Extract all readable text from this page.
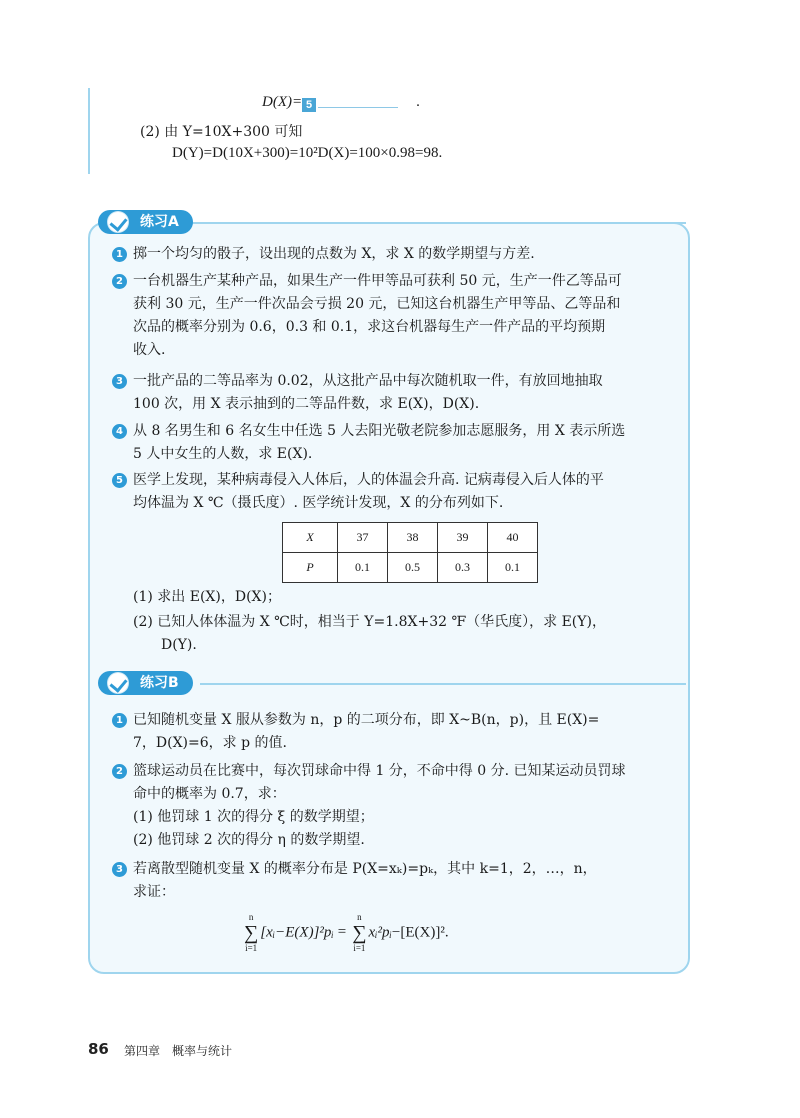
D(X)= 5	.
(2) 由 Y=10X+300 可知
D(Y)=D(10X+300)=10²D(X)=100×0.98=98.
练习A
1 掷一个均匀的骰子，设出现的点数为 X，求 X 的数学期望与方差.
2 一台机器生产某种产品，如果生产一件甲等品可获利 50 元，生产一件乙等品可
获利 30 元，生产一件次品会亏损 20 元，已知这台机器生产甲等品、乙等品和
次品的概率分别为 0.6，0.3 和 0.1，求这台机器每生产一件产品的平均预期
收入.
3 一批产品的二等品率为 0.02，从这批产品中每次随机取一件，有放回地抽取
100 次，用 X 表示抽到的二等品件数，求 E(X)，D(X).
4 从 8 名男生和 6 名女生中任选 5 人去阳光敬老院参加志愿服务，用 X 表示所选
5 人中女生的人数，求 E(X).
5 医学上发现，某种病毒侵入人体后，人的体温会升高. 记病毒侵入后人体的平
均体温为 X ℃（摄氏度）. 医学统计发现，X 的分布列如下.
X	37	38	39	40
P	0.1	0.5	0.3	0.1
(1) 求出 E(X)，D(X)；
(2) 已知人体体温为 X ℃时，相当于 Y=1.8X+32 ℉（华氏度），求 E(Y)，
D(Y).
练习B
1 已知随机变量 X 服从参数为 n，p 的二项分布，即 X~B(n，p)，且 E(X)=
7，D(X)=6，求 p 的值.
2 篮球运动员在比赛中，每次罚球命中得 1 分，不命中得 0 分. 已知某运动员罚球
命中的概率为 0.7，求：
(1) 他罚球 1 次的得分 ξ 的数学期望；
(2) 他罚球 2 次的得分 η 的数学期望.
3 若离散型随机变量 X 的概率分布是 P(X=xₖ)=pₖ，其中 k=1，2，…，n，
求证：
n
∑
i=1
[xᵢ−E(X)]²pᵢ =
n
∑
i=1
xᵢ²pᵢ−[E(X)]².
86 第四章　概率与统计
